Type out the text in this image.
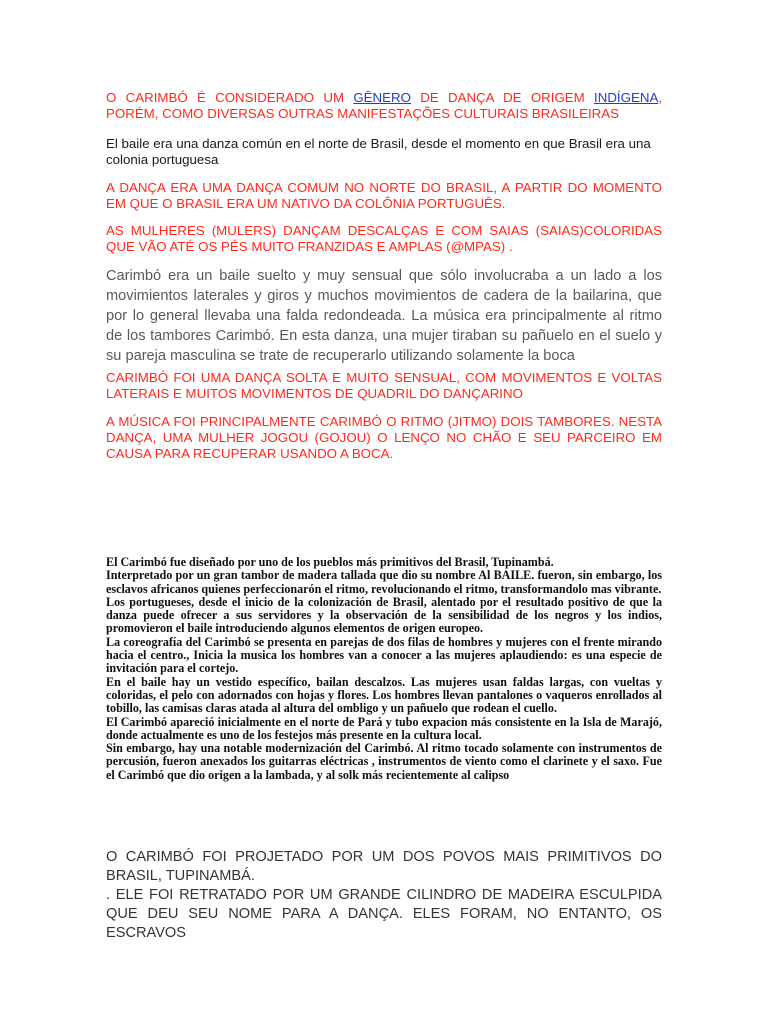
O CARIMBÓ É CONSIDERADO UM GÊNERO DE DANÇA DE ORIGEM INDÍGENA, PORÉM, COMO DIVERSAS OUTRAS MANIFESTAÇÕES CULTURAIS BRASILEIRAS

El baile era una danza común en el norte de Brasil, desde el momento en que Brasil era una colonia portuguesa

A DANÇA ERA UMA DANÇA COMUM NO NORTE DO BRASIL, A PARTIR DO MOMENTO EM QUE O BRASIL ERA UM NATIVO DA COLÔNIA PORTUGUÊS.

AS MULHERES (MULERS) DANÇAM DESCALÇAS E COM SAIAS (SAIAS)COLORIDAS QUE VÃO ATÉ OS PÉS MUITO FRANZIDAS E AMPLAS (@MPAS) .

Carimbó era un baile suelto y muy sensual que sólo involucraba a un lado a los movimientos laterales y giros y muchos movimientos de cadera de la bailarina, que por lo general llevaba una falda redondeada. La música era principalmente al ritmo de los tambores Carimbó. En esta danza, una mujer tiraban su pañuelo en el suelo y su pareja masculina se trate de recuperarlo utilizando solamente la boca

CARIMBÓ FOI UMA DANÇA SOLTA E MUITO SENSUAL, COM MOVIMENTOS E VOLTAS LATERAIS E MUITOS MOVIMENTOS DE QUADRIL DO DANÇARINO

A MÚSICA FOI PRINCIPALMENTE CARIMBÓ O RITMO (JITMO) DOIS TAMBORES. NESTA DANÇA, UMA MULHER JOGOU (GOJOU) O LENÇO NO CHÃO E SEU PARCEIRO EM CAUSA PARA RECUPERAR USANDO A BOCA.

El Carimbó fue diseñado por uno de los pueblos más primitivos del Brasil, Tupinambá.

Interpretado por un gran tambor de madera tallada que dio su nombre Al BAILE. fueron, sin embargo, los esclavos africanos quienes perfeccionarón el ritmo, revolucionando el ritmo, transformandolo mas vibrante.

Los portugueses, desde el inicio de la colonización de Brasil, alentado por el resultado positivo de que la danza puede ofrecer a sus servidores y la observación de la sensibilidad de los negros y los indios, promovieron el baile introduciendo algunos elementos de origen europeo.

La coreografía del Carimbó se presenta en parejas de dos filas de hombres y mujeres con el frente mirando hacia el centro., Inicia la musica los hombres van a conocer a las mujeres aplaudiendo: es una especie de invitación para el cortejo.

En el baile hay un vestido específico, bailan descalzos. Las mujeres usan faldas largas, con vueltas y coloridas, el pelo con adornados con hojas y flores. Los hombres llevan pantalones o vaqueros enrollados al tobillo, las camisas claras atada al altura del ombligo y un pañuelo que rodean el cuello.

El Carimbó apareció inicialmente en el norte de Pará y tubo expacion más consistente en la Isla de Marajó, donde actualmente es uno de los festejos más presente en la cultura local.

Sin embargo, hay una notable modernización del Carimbó. Al ritmo tocado solamente con instrumentos de percusión, fueron anexados los guitarras eléctricas , instrumentos de viento como el clarinete y el saxo. Fue el Carimbó que dio origen a la lambada, y al solk más recientemente al calipso

O CARIMBÓ FOI PROJETADO POR UM DOS POVOS MAIS PRIMITIVOS DO BRASIL, TUPINAMBÁ.

. ELE FOI RETRATADO POR UM GRANDE CILINDRO DE MADEIRA ESCULPIDA QUE DEU SEU NOME PARA A DANÇA. ELES FORAM, NO ENTANTO, OS ESCRAVOS
